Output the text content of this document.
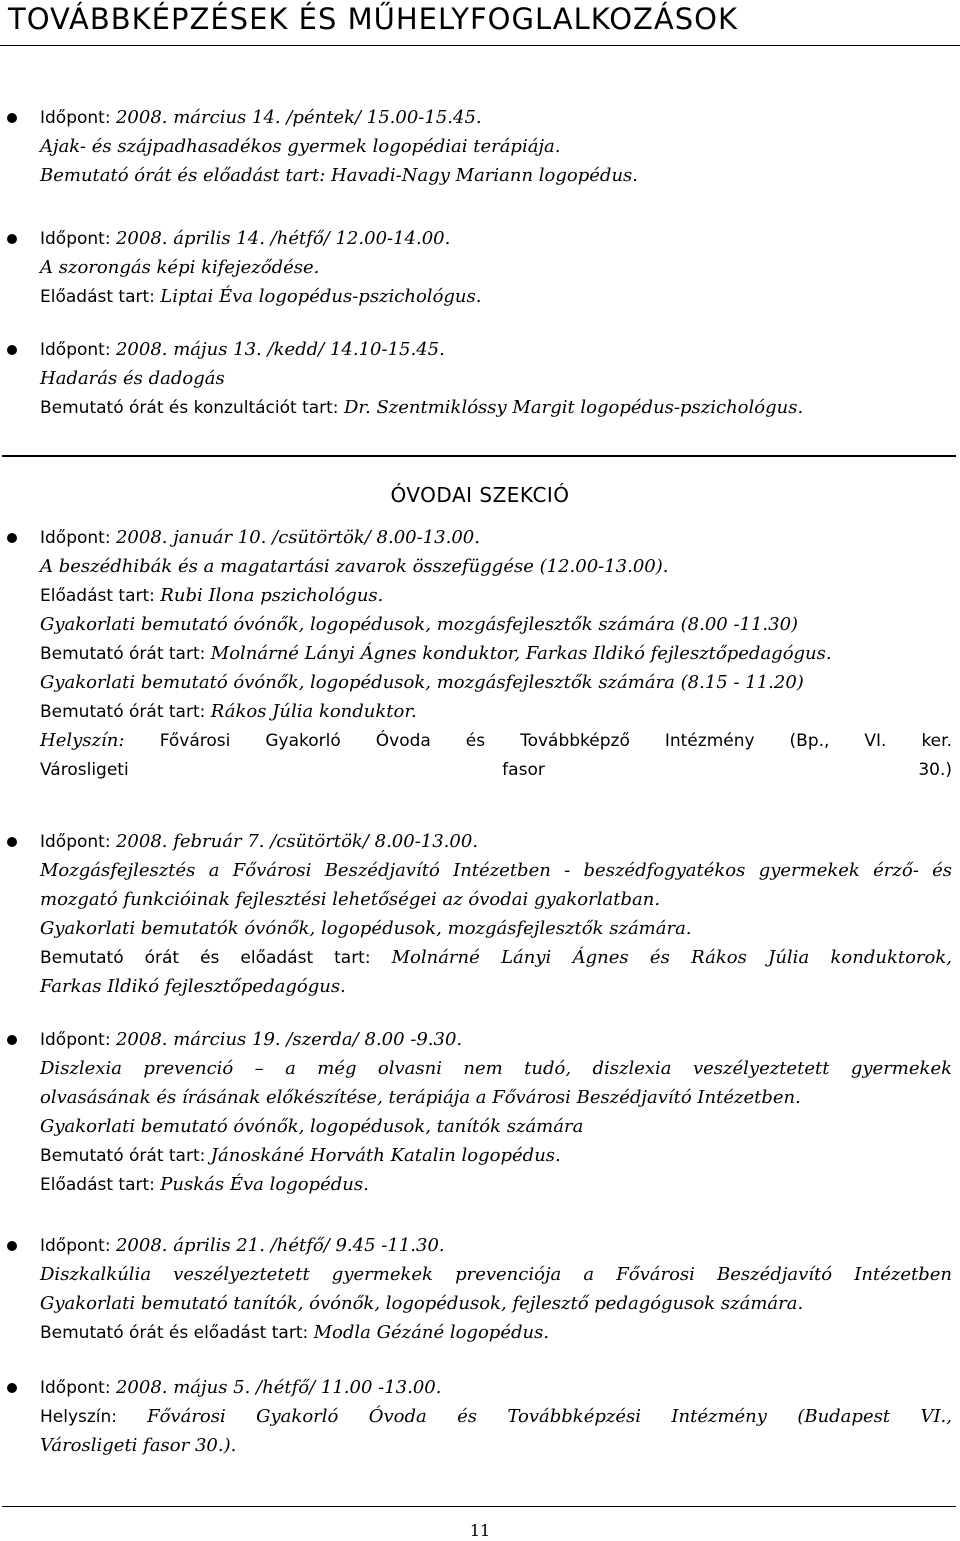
TOVÁBBKÉPZÉSEK ÉS MŰHELYFOGLALKOZÁSOK
Időpont: 2008. március 14. /péntek/ 15.00-15.45.
Ajak- és szájpadhasadékos gyermek logopédiai terápiája.
Bemutató órát és előadást tart: Havadi-Nagy Mariann logopédus.
Időpont: 2008. április 14. /hétfő/ 12.00-14.00.
A szorongás képi kifejeződése.
Előadást tart: Liptai Éva logopédus-pszichológus.
Időpont: 2008. május 13. /kedd/ 14.10-15.45.
Hadarás és dadogás
Bemutató órát és konzultációt tart: Dr. Szentmiklóssy Margit logopédus-pszichológus.
ÓVODAI SZEKCIÓ
Időpont: 2008. január 10. /csütörtök/ 8.00-13.00.
A beszédhibák és a magatartási zavarok összefüggése (12.00-13.00).
Előadást tart: Rubi Ilona pszichológus.
Gyakorlati bemutató óvónők, logopédusok, mozgásfejlesztők számára (8.00 -11.30)
Bemutató órát tart: Molnárné Lányi Ágnes konduktor, Farkas Ildikó fejlesztőpedagógus.
Gyakorlati bemutató óvónők, logopédusok, mozgásfejlesztők számára (8.15 - 11.20)
Bemutató órát tart: Rákos Júlia konduktor.
Helyszín: Fővárosi Gyakorló Óvoda és Továbbképző Intézmény (Bp., VI. ker.
Városligeti fasor 30.)
Időpont: 2008. február 7. /csütörtök/ 8.00-13.00.
Mozgásfejlesztés a Fővárosi Beszédjavító Intézetben - beszédfogyatékos gyermekek érző- és
mozgató funkcióinak fejlesztési lehetőségei az óvodai gyakorlatban.
Gyakorlati bemutatók óvónők, logopédusok, mozgásfejlesztők számára.
Bemutató órát és előadást tart: Molnárné Lányi Ágnes és Rákos Júlia konduktorok,
Farkas Ildikó fejlesztőpedagógus.
Időpont: 2008. március 19. /szerda/ 8.00 -9.30.
Diszlexia prevenció – a még olvasni nem tudó, diszlexia veszélyeztetett gyermekek
olvasásának és írásának előkészítése, terápiája a Fővárosi Beszédjavító Intézetben.
Gyakorlati bemutató óvónők, logopédusok, tanítók számára
Bemutató órát tart: Jánoskáné Horváth Katalin logopédus.
Előadást tart: Puskás Éva logopédus.
Időpont: 2008. április 21. /hétfő/ 9.45 -11.30.
Diszkalkúlia veszélyeztetett gyermekek prevenciója a Fővárosi Beszédjavító Intézetben
Gyakorlati bemutató tanítók, óvónők, logopédusok, fejlesztő pedagógusok számára.
Bemutató órát és előadást tart: Modla Gézáné logopédus.
Időpont: 2008. május 5. /hétfő/ 11.00 -13.00.
Helyszín: Fővárosi Gyakorló Óvoda és Továbbképzési Intézmény (Budapest VI.,
Városligeti fasor 30.).
11
